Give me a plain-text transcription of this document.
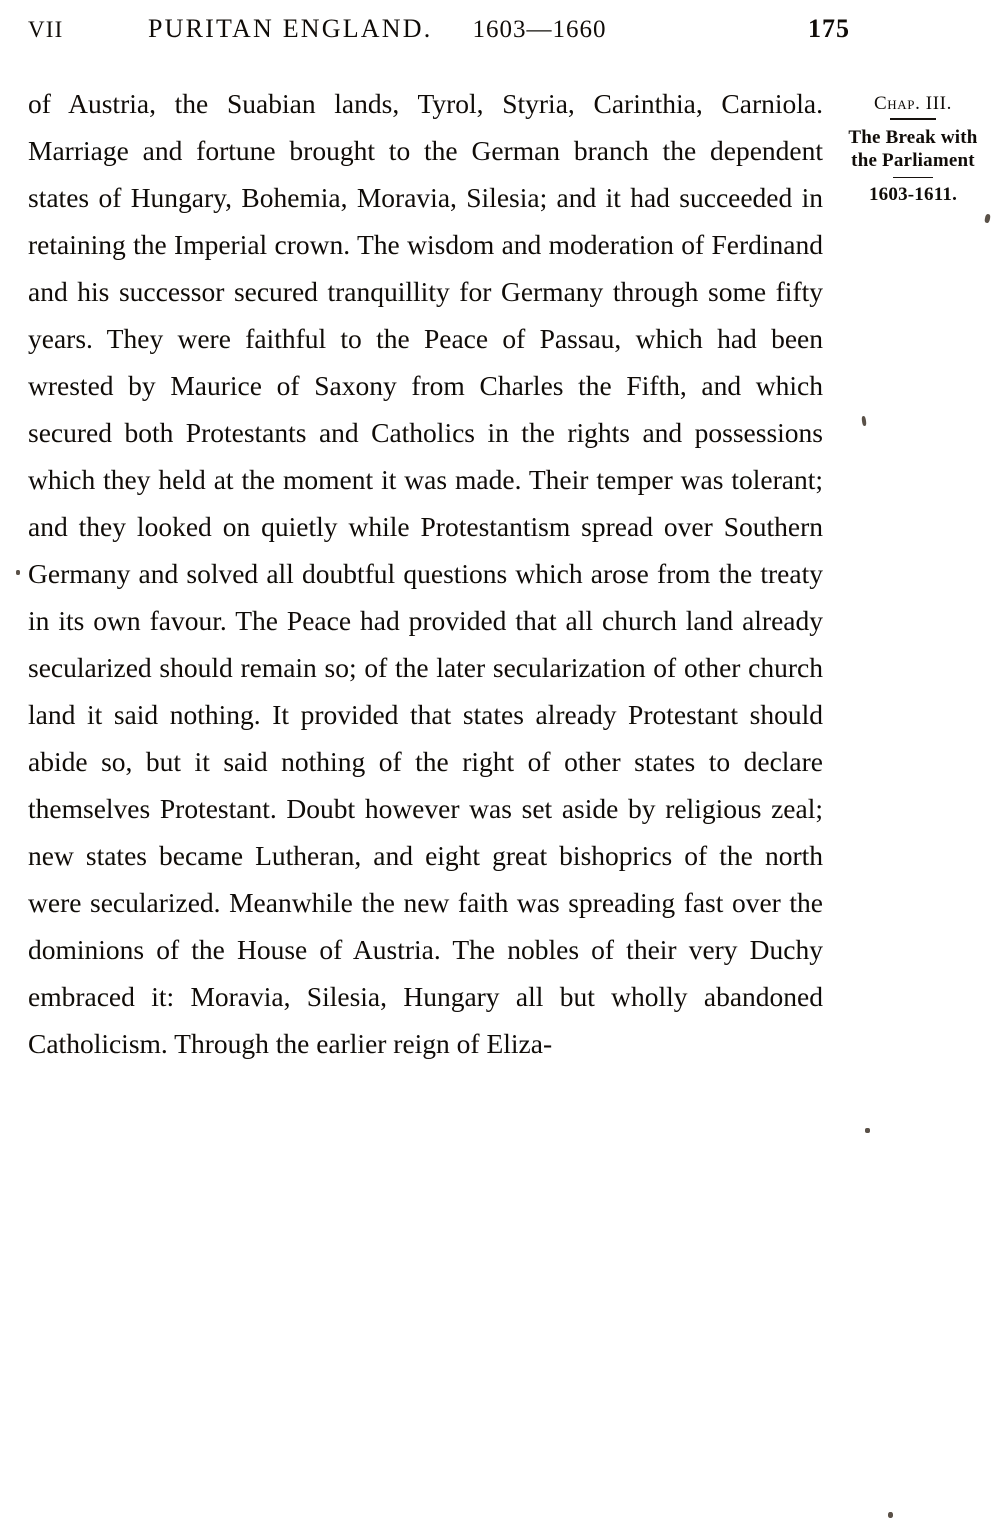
VII	PURITAN ENGLAND. 1603—1660	175

of Austria, the Suabian lands, Tyrol, Styria, Carinthia, Carniola. Marriage and fortune brought to the German branch the dependent states of Hungary, Bohemia, Moravia, Silesia; and it had succeeded in retaining the Imperial crown. The wisdom and moderation of Ferdinand and his successor secured tranquillity for Germany through some fifty years. They were faithful to the Peace of Passau, which had been wrested by Maurice of Saxony from Charles the Fifth, and which secured both Protestants and Catholics in the rights and possessions which they held at the moment it was made. Their temper was tolerant; and they looked on quietly while Protestantism spread over Southern Germany and solved all doubtful questions which arose from the treaty in its own favour. The Peace had provided that all church land already secularized should remain so; of the later secularization of other church land it said nothing. It provided that states already Protestant should abide so, but it said nothing of the right of other states to declare themselves Protestant. Doubt however was set aside by religious zeal; new states became Lutheran, and eight great bishoprics of the north were secularized. Meanwhile the new faith was spreading fast over the dominions of the House of Austria. The nobles of their very Duchy embraced it: Moravia, Silesia, Hungary all but wholly abandoned Catholicism. Through the earlier reign of Eliza-

Chap. III.
The Break with the Parliament
1603-1611.
